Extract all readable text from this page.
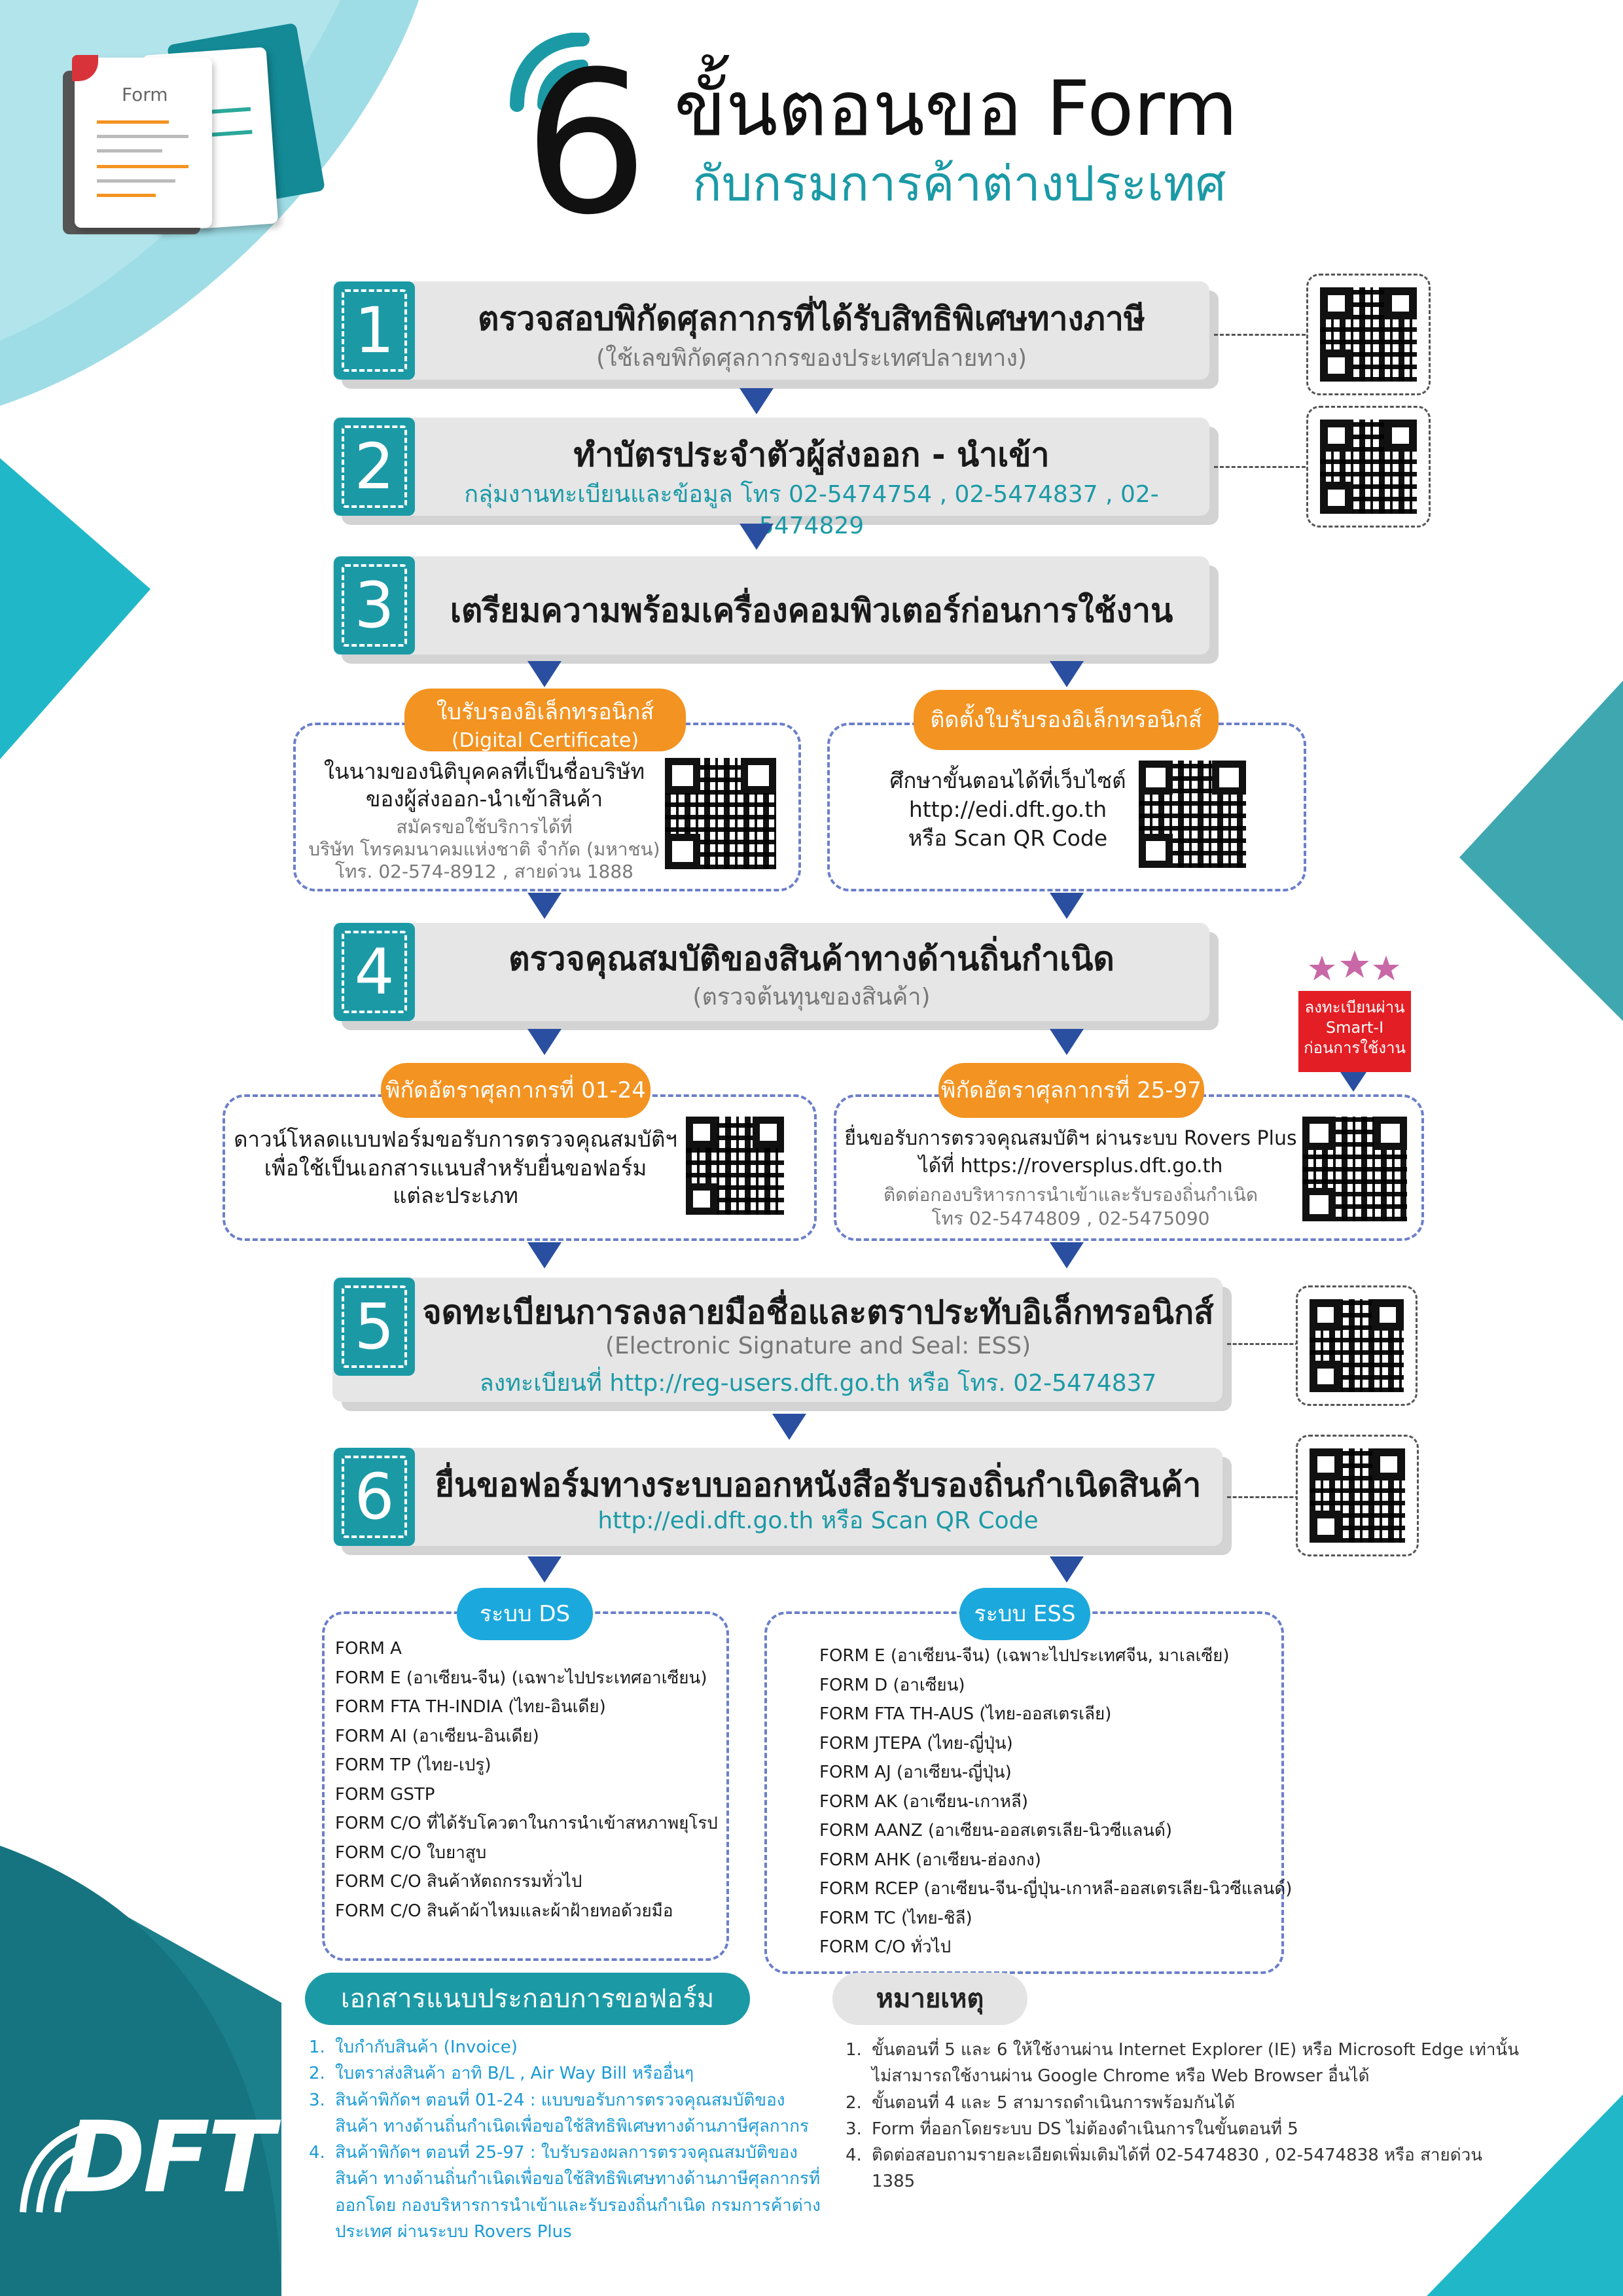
Form 6 ขั้นตอนขอ Form
กับกรมการค้าต่างประเทศ
1	ตรวจสอบพิกัดศุลกากรที่ได้รับสิทธิพิเศษทางภาษี
(ใช้เลขพิกัดศุลกากรของประเทศปลายทาง)
2	ทำบัตรประจำตัวผู้ส่งออก - นำเข้า
กลุ่มงานทะเบียนและข้อมูล โทร 02-5474754 , 02-5474837 , 02-5474829
3	เตรียมความพร้อมเครื่องคอมพิวเตอร์ก่อนการใช้งาน
ใบรับรองอิเล็กทรอนิกส์
(Digital Certificate)
ในนามของนิติบุคคลที่เป็นชื่อบริษัท
ของผู้ส่งออก-นำเข้าสินค้า
สมัครขอใช้บริการได้ที่
บริษัท โทรคมนาคมแห่งชาติ จำกัด (มหาชน)
โทร. 02-574-8912 , สายด่วน 1888
ติดตั้งใบรับรองอิเล็กทรอนิกส์
ศึกษาขั้นตอนได้ที่เว็บไซต์
http://edi.dft.go.th
หรือ Scan QR Code
4	ตรวจคุณสมบัติของสินค้าทางด้านถิ่นกำเนิด
(ตรวจต้นทุนของสินค้า)	ลงทะเบียนผ่าน
Smart-I
ก่อนการใช้งาน
พิกัดอัตราศุลกากรที่ 01-24
ดาวน์โหลดแบบฟอร์มขอรับการตรวจคุณสมบัติฯ
เพื่อใช้เป็นเอกสารแนบสำหรับยื่นขอฟอร์ม
แต่ละประเภท
พิกัดอัตราศุลกากรที่ 25-97
ยื่นขอรับการตรวจคุณสมบัติฯ ผ่านระบบ Rovers Plus
ได้ที่ https://roversplus.dft.go.th
ติดต่อกองบริหารการนำเข้าและรับรองถิ่นกำเนิด
โทร 02-5474809 , 02-5475090
5 จดทะเบียนการลงลายมือชื่อและตราประทับอิเล็กทรอนิกส์
(Electronic Signature and Seal: ESS)
ลงทะเบียนที่ http://reg-users.dft.go.th หรือ โทร. 02-5474837
6	ยื่นขอฟอร์มทางระบบออกหนังสือรับรองถิ่นกำเนิดสินค้า
http://edi.dft.go.th หรือ Scan QR Code
ระบบ DS
FORM A
FORM E (อาเซียน-จีน) (เฉพาะไปประเทศอาเซียน)
FORM FTA TH-INDIA (ไทย-อินเดีย)
FORM AI (อาเซียน-อินเดีย)
FORM TP (ไทย-เปรู)
FORM GSTP
FORM C/O ที่ได้รับโควตาในการนำเข้าสหภาพยุโรป
FORM C/O ใบยาสูบ
FORM C/O สินค้าหัตถกรรมทั่วไป
FORM C/O สินค้าผ้าไหมและผ้าฝ้ายทอด้วยมือ
ระบบ ESS
FORM E (อาเซียน-จีน) (เฉพาะไปประเทศจีน, มาเลเซีย)
FORM D (อาเซียน)
FORM FTA TH-AUS (ไทย-ออสเตรเลีย)
FORM JTEPA (ไทย-ญี่ปุ่น)
FORM AJ (อาเซียน-ญี่ปุ่น)
FORM AK (อาเซียน-เกาหลี)
FORM AANZ (อาเซียน-ออสเตรเลีย-นิวซีแลนด์)
FORM AHK (อาเซียน-ฮ่องกง)
FORM RCEP (อาเซียน-จีน-ญี่ปุ่น-เกาหลี-ออสเตรเลีย-นิวซีแลนด์)
FORM TC (ไทย-ชิลี)
FORM C/O ทั่วไป
เอกสารแนบประกอบการขอฟอร์ม
1. ใบกำกับสินค้า (Invoice)
2. ใบตราส่งสินค้า อาทิ B/L , Air Way Bill หรืออื่นๆ
3. สินค้าพิกัดฯ ตอนที่ 01-24 : แบบขอรับการตรวจคุณสมบัติของสินค้า ทางด้านถิ่นกำเนิดเพื่อขอใช้สิทธิพิเศษทางด้านภาษีศุลกากร
4. สินค้าพิกัดฯ ตอนที่ 25-97 : ใบรับรองผลการตรวจคุณสมบัติของสินค้า ทางด้านถิ่นกำเนิดเพื่อขอใช้สิทธิพิเศษทางด้านภาษีศุลกากรที่ออกโดย กองบริหารการนำเข้าและรับรองถิ่นกำเนิด กรมการค้าต่างประเทศ ผ่านระบบ Rovers Plus
หมายเหตุ
1. ขั้นตอนที่ 5 และ 6 ให้ใช้งานผ่าน Internet Explorer (IE) หรือ Microsoft Edge เท่านั้น ไม่สามารถใช้งานผ่าน Google Chrome หรือ Web Browser อื่นได้
2. ขั้นตอนที่ 4 และ 5 สามารถดำเนินการพร้อมกันได้
3. Form ที่ออกโดยระบบ DS ไม่ต้องดำเนินการในขั้นตอนที่ 5
4. ติดต่อสอบถามรายละเอียดเพิ่มเติมได้ที่ 02-5474830 , 02-5474838 หรือ สายด่วน 1385
DFT
